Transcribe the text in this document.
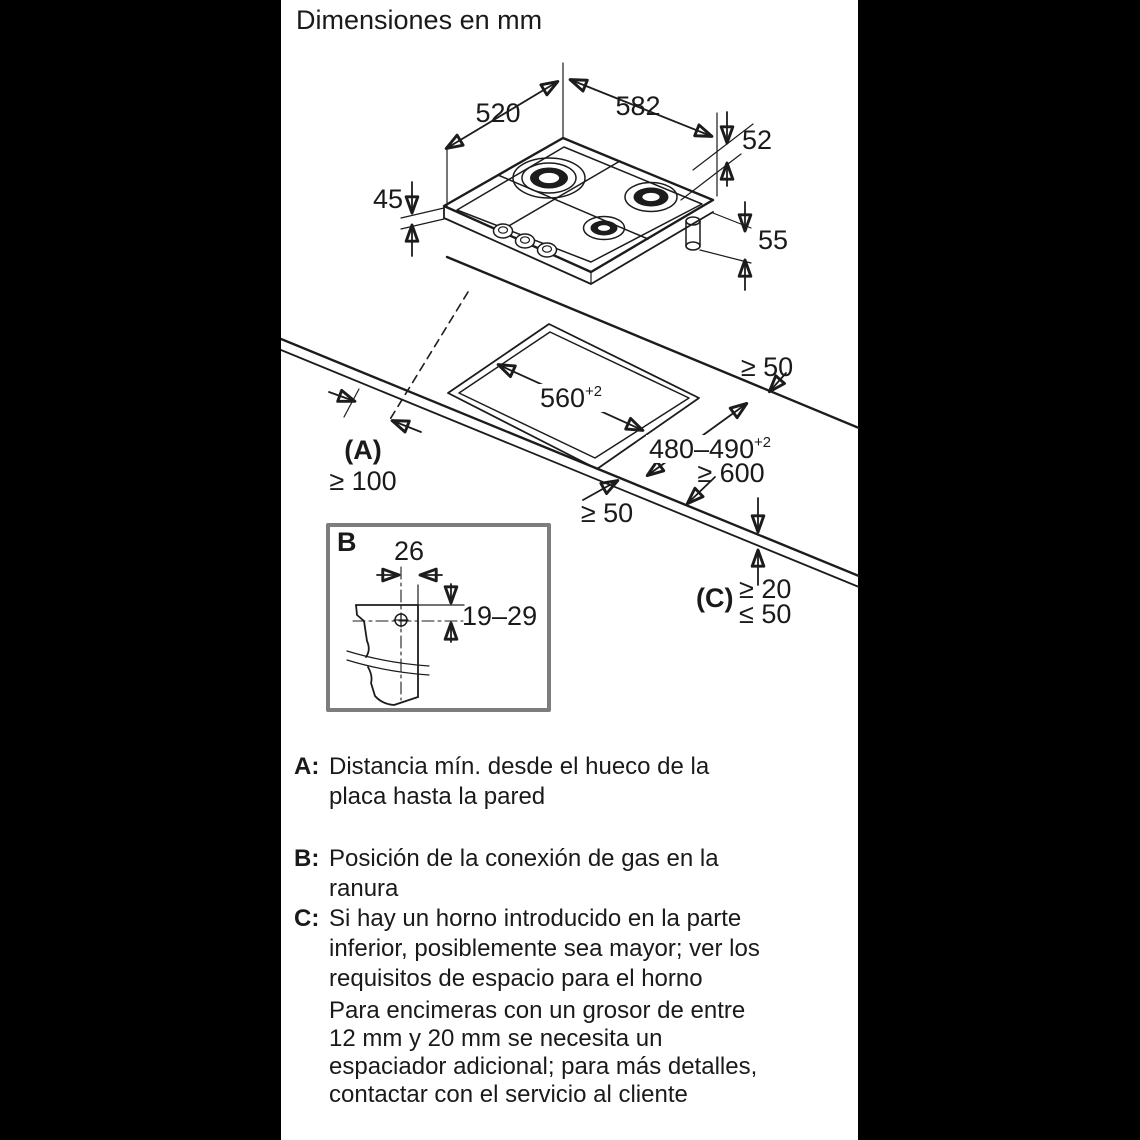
Dimensiones en mm
520	582
52
45
55
≥ 50
$560^{+2}$
$480-490^{+2}$
(A)
≥ 100	≥ 600
≥ 50
B 26
19–29
(C) ≥ 20
≤ 50
A: Distancia mín. desde el hueco de la
placa hasta la pared
B: Posición de la conexión de gas en la
ranura
C: Si hay un horno introducido en la parte
inferior, posiblemente sea mayor; ver los
requisitos de espacio para el horno
Para encimeras con un grosor de entre
12 mm y 20 mm se necesita un
espaciador adicional; para más detalles,
contactar con el servicio al cliente
